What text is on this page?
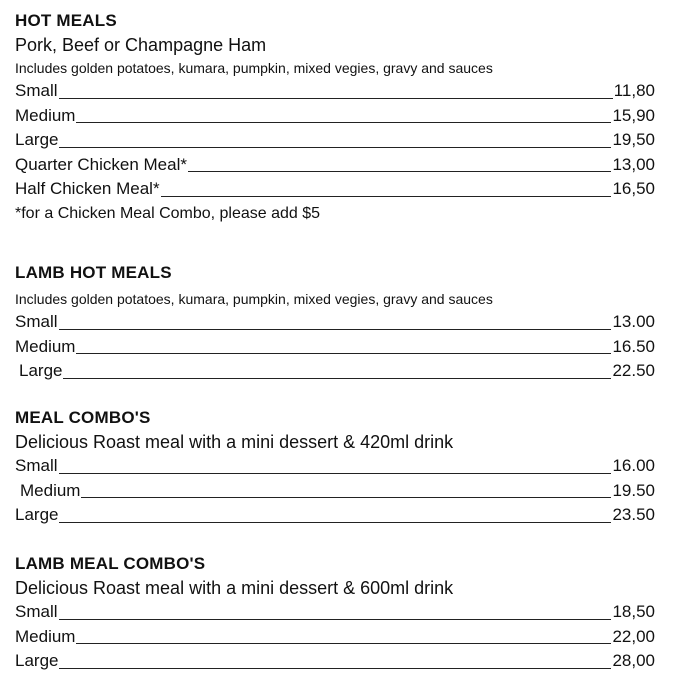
HOT MEALS
Pork, Beef or Champagne Ham
Includes golden potatoes, kumara, pumpkin, mixed vegies, gravy and sauces
Small	11,80
Medium	15,90
Large	19,50
Quarter Chicken Meal*	13,00
Half Chicken Meal*	16,50
*for a Chicken Meal Combo, please add $5
LAMB HOT MEALS
Includes golden potatoes, kumara, pumpkin, mixed vegies, gravy and sauces
Small	13.00
Medium	16.50
Large	22.50
MEAL COMBO'S
Delicious Roast meal with a mini dessert & 420ml drink
Small	16.00
Medium	19.50
Large	23.50
LAMB MEAL COMBO'S
Delicious Roast meal with a mini dessert & 600ml drink
Small	18,50
Medium	22,00
Large	28,00
